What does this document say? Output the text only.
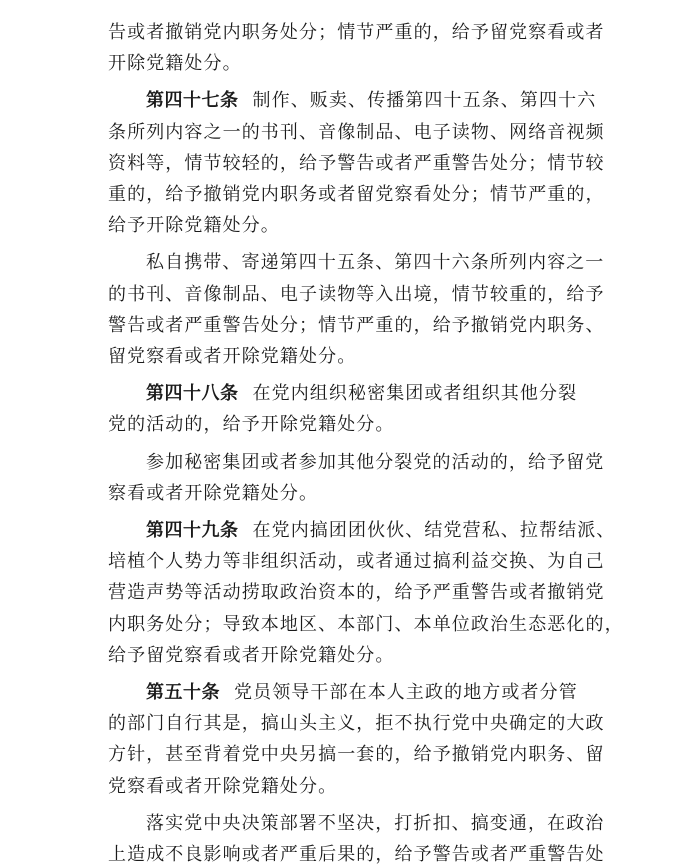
告或者撤销党内职务处分；情节严重的，给予留党察看或者
开除党籍处分。
第四十七条 制作、贩卖、传播第四十五条、第四十六
条所列内容之一的书刊、音像制品、电子读物、网络音视频
资料等，情节较轻的，给予警告或者严重警告处分；情节较
重的，给予撤销党内职务或者留党察看处分；情节严重的，
给予开除党籍处分。
私自携带、寄递第四十五条、第四十六条所列内容之一
的书刊、音像制品、电子读物等入出境，情节较重的，给予
警告或者严重警告处分；情节严重的，给予撤销党内职务、
留党察看或者开除党籍处分。
第四十八条 在党内组织秘密集团或者组织其他分裂
党的活动的，给予开除党籍处分。
参加秘密集团或者参加其他分裂党的活动的，给予留党
察看或者开除党籍处分。
第四十九条 在党内搞团团伙伙、结党营私、拉帮结派、
培植个人势力等非组织活动，或者通过搞利益交换、为自己
营造声势等活动捞取政治资本的，给予严重警告或者撤销党
内职务处分；导致本地区、本部门、本单位政治生态恶化的，
给予留党察看或者开除党籍处分。
第五十条 党员领导干部在本人主政的地方或者分管
的部门自行其是，搞山头主义，拒不执行党中央确定的大政
方针，甚至背着党中央另搞一套的，给予撤销党内职务、留
党察看或者开除党籍处分。
落实党中央决策部署不坚决，打折扣、搞变通，在政治
上造成不良影响或者严重后果的，给予警告或者严重警告处
